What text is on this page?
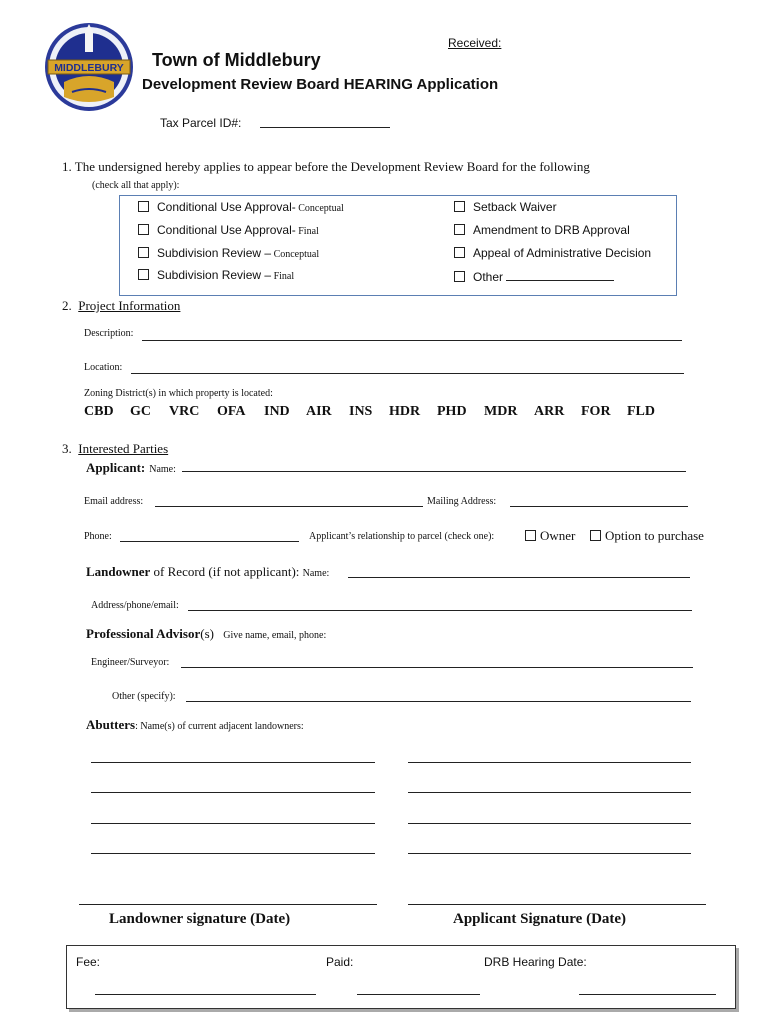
MIDDLEBURY
Received:
Town of Middlebury
Development Review Board HEARING Application
Tax Parcel ID#:
1. The undersigned hereby applies to appear before the Development Review Board for the following
(check all that apply):
Conditional Use Approval- Conceptual
Conditional Use Approval- Final
Subdivision Review – Conceptual
Subdivision Review – Final
Setback Waiver
Amendment to DRB Approval
Appeal of Administrative Decision
Other
2. Project Information
Description:
Location:
Zoning District(s) in which property is located:
CBD GC VRC OFA IND AIR INS HDR PHD MDR ARR FOR FLD
3. Interested Parties
Applicant: Name:
Email address:	Mailing Address:
Phone:	Applicant’s relationship to parcel (check one):	Owner	Option to purchase
Landowner of Record (if not applicant): Name:
Address/phone/email:
Professional Advisor(s) Give name, email, phone:
Engineer/Surveyor:
Other (specify):
Abutters: Name(s) of current adjacent landowners:
Landowner signature (Date)	Applicant Signature (Date)
Fee:	Paid:	DRB Hearing Date:
